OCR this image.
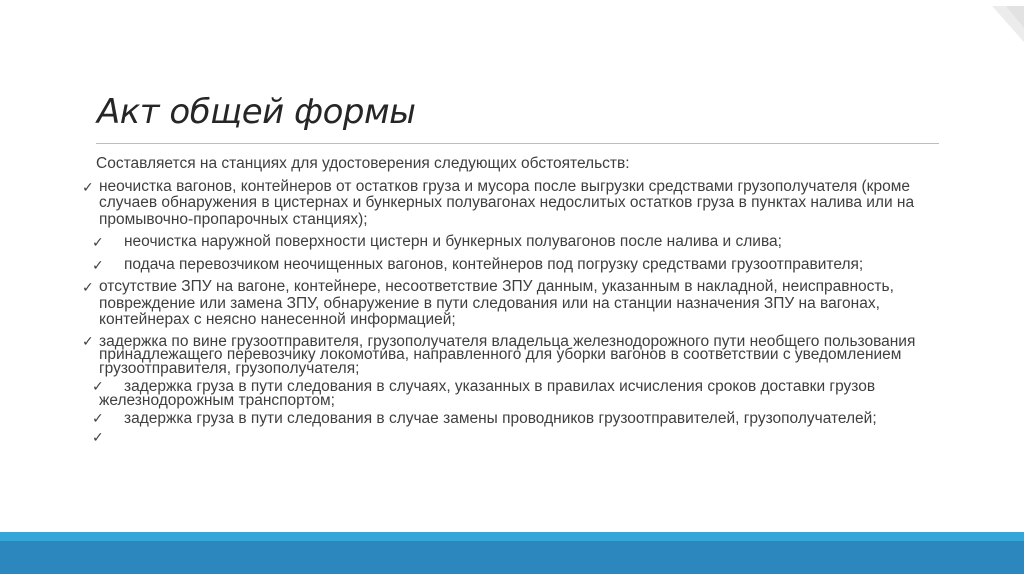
Акт общей формы
Составляется на станциях для удостоверения следующих обстоятельств:
✓ неочистка вагонов, контейнеров от остатков груза и мусора после выгрузки средствами грузополучателя (кроме случаев обнаружения в цистернах и бункерных полувагонах недослитых остатков груза в пунктах налива или на промывочно-пропарочных станциях);
✓	неочистка наружной поверхности цистерн и бункерных полувагонов после налива и слива;
✓	подача перевозчиком неочищенных вагонов, контейнеров под погрузку средствами грузоотправителя;
✓ отсутствие ЗПУ на вагоне, контейнере, несоответствие ЗПУ данным, указанным в накладной, неисправность, повреждение или замена ЗПУ, обнаружение в пути следования или на станции назначения ЗПУ на вагонах, контейнерах с неясно нанесенной информацией;
✓ задержка по вине грузоотправителя, грузополучателя владельца железнодорожного пути необщего пользования принадлежащего перевозчику локомотива, направленного для уборки вагонов в соответствии с уведомлением грузоотправителя, грузополучателя;
✓	задержка груза в пути следования в случаях, указанных в правилах исчисления сроков доставки грузов железнодорожным транспортом;
✓	задержка груза в пути следования в случае замены проводников грузоотправителей, грузополучателей;
✓
